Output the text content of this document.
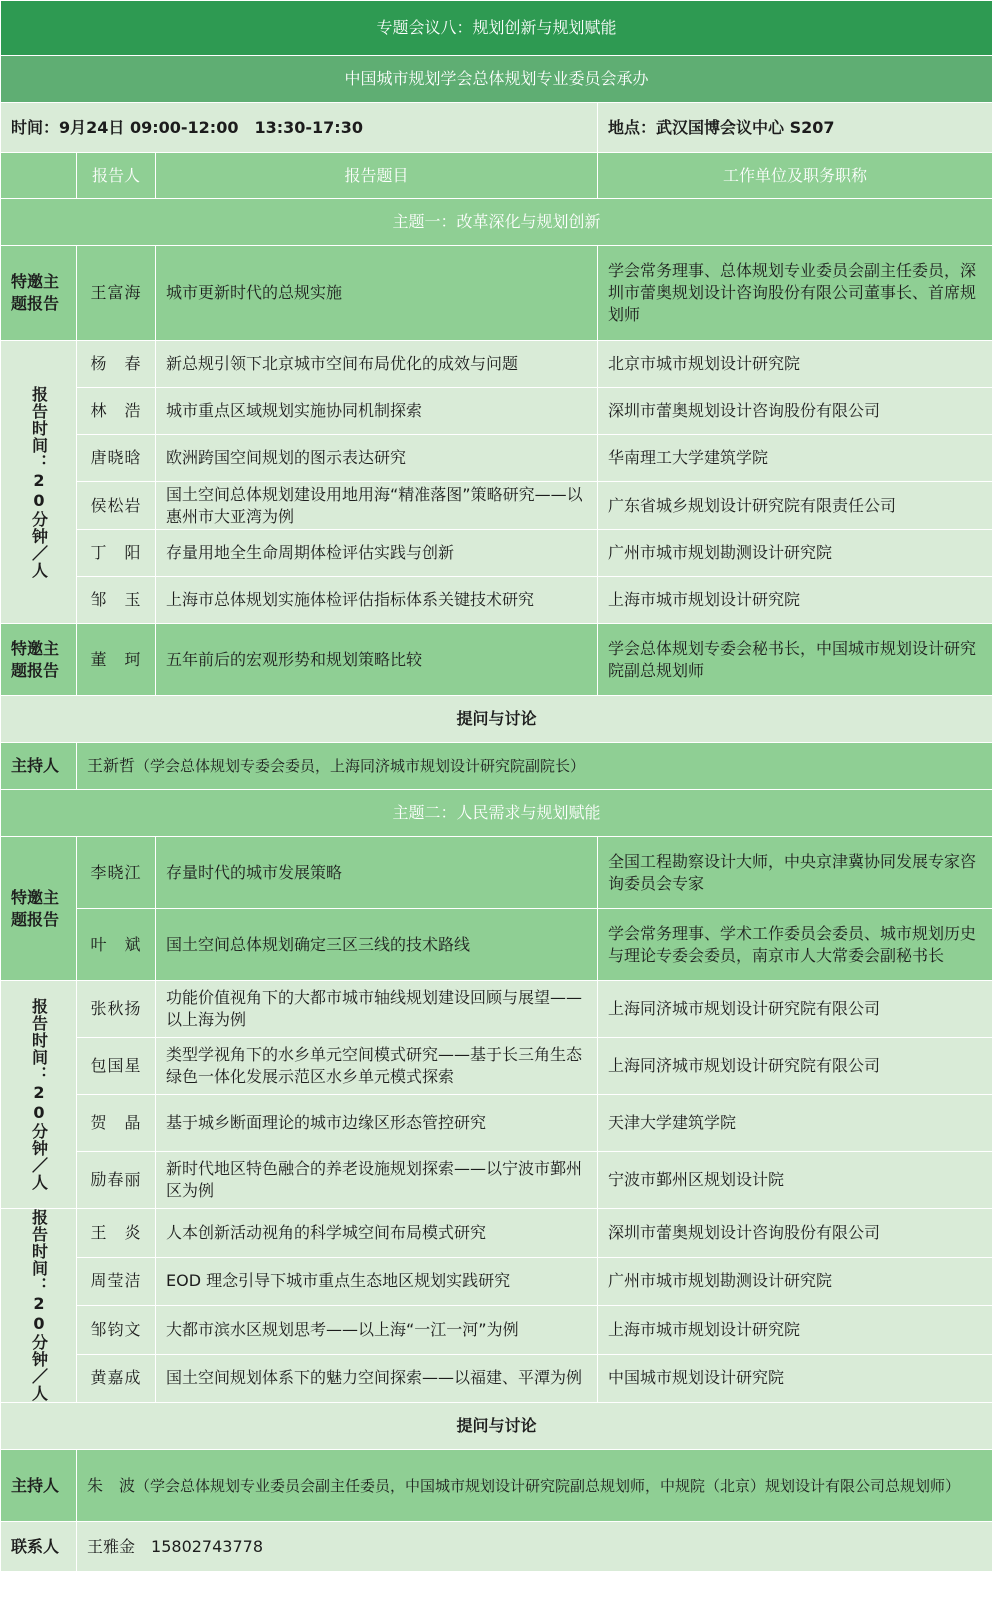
专题会议八：规划创新与规划赋能			
中国城市规划学会总体规划专业委员会承办			
时间：9月24日 09:00-12:00　13:30-17:30			地点：武汉国博会议中心 S207
	报告人	报告题目	工作单位及职务职称
主题一：改革深化与规划创新			
特邀主题报告	王富海	城市更新时代的总规实施	学会常务理事、总体规划专业委员会副主任委员，深圳市蕾奥规划设计咨询股份有限公司董事长、首席规划师

报告时间：20分钟／人	杨　春	新总规引领下北京城市空间布局优化的成效与问题	北京市城市规划设计研究院
	林　浩	城市重点区域规划实施协同机制探索	深圳市蕾奥规划设计咨询股份有限公司
	唐晓晗	欧洲跨国空间规划的图示表达研究	华南理工大学建筑学院
	侯松岩	国土空间总体规划建设用地用海“精准落图”策略研究——以惠州市大亚湾为例	广东省城乡规划设计研究院有限责任公司
	丁　阳	存量用地全生命周期体检评估实践与创新	广州市城市规划勘测设计研究院
	邹　玉	上海市总体规划实施体检评估指标体系关键技术研究	上海市城市规划设计研究院
特邀主题报告	董　珂	五年前后的宏观形势和规划策略比较	学会总体规划专委会秘书长，中国城市规划设计研究院副总规划师
提问与讨论			
主持人	王新哲（学会总体规划专委会委员，上海同济城市规划设计研究院副院长）		
主题二：人民需求与规划赋能			
特邀主题报告	李晓江	存量时代的城市发展策略	全国工程勘察设计大师，中央京津冀协同发展专家咨询委员会专家
	叶　斌	国土空间总体规划确定三区三线的技术路线	学会常务理事、学术工作委员会委员、城市规划历史与理论专委会委员，南京市人大常委会副秘书长

报告时间：20分钟／人	张秋扬	功能价值视角下的大都市城市轴线规划建设回顾与展望——以上海为例	上海同济城市规划设计研究院有限公司
	包国星	类型学视角下的水乡单元空间模式研究——基于长三角生态绿色一体化发展示范区水乡单元模式探索	上海同济城市规划设计研究院有限公司
	贺　晶	基于城乡断面理论的城市边缘区形态管控研究	天津大学建筑学院
	励春丽	新时代地区特色融合的养老设施规划探索——以宁波市鄞州区为例	宁波市鄞州区规划设计院

报告时间：20分钟／人	王　炎	人本创新活动视角的科学城空间布局模式研究	深圳市蕾奥规划设计咨询股份有限公司
	周莹洁	EOD 理念引导下城市重点生态地区规划实践研究	广州市城市规划勘测设计研究院
	邹钧文	大都市滨水区规划思考——以上海“一江一河”为例	上海市城市规划设计研究院
	黄嘉成	国土空间规划体系下的魅力空间探索——以福建、平潭为例	中国城市规划设计研究院
提问与讨论			
主持人	朱　波（学会总体规划专业委员会副主任委员，中国城市规划设计研究院副总规划师，中规院（北京）规划设计有限公司总规划师）		
联系人	王雅金　 15802743778		
